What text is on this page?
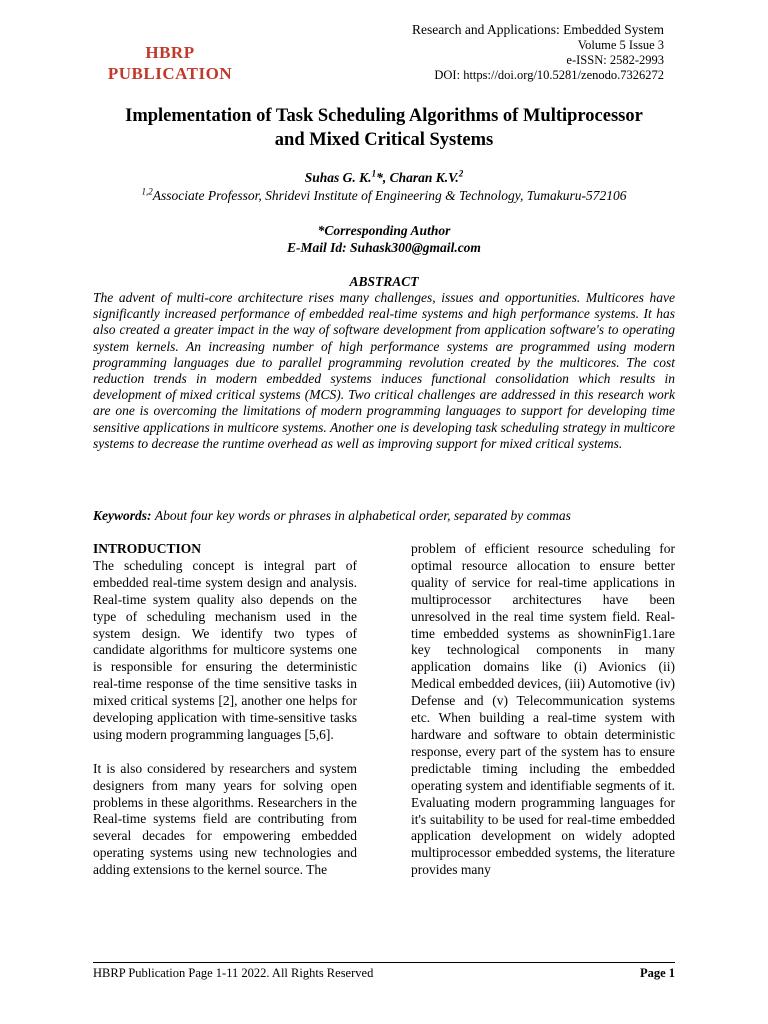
HBRP
PUBLICATION
Research and Applications: Embedded System
Volume 5 Issue 3
e-ISSN: 2582-2993
DOI: https://doi.org/10.5281/zenodo.7326272
Implementation of Task Scheduling Algorithms of Multiprocessor
and Mixed Critical Systems
Suhas G. K.$^1$*, Charan K.V.$^2$
$^{1,2}$Associate Professor, Shridevi Institute of Engineering & Technology, Tumakuru-572106
*Corresponding Author
E-Mail Id: Suhask300@gmail.com
ABSTRACT
The advent of multi-core architecture rises many challenges, issues and opportunities. Multicores have significantly increased performance of embedded real-time systems and high performance systems. It has also created a greater impact in the way of software development from application software's to operating system kernels. An increasing number of high performance systems are programmed using modern programming languages due to parallel programming revolution created by the multicores. The cost reduction trends in modern embedded systems induces functional consolidation which results in development of mixed critical systems (MCS). Two critical challenges are addressed in this research work are one is overcoming the limitations of modern programming languages to support for developing time sensitive applications in multicore systems. Another one is developing task scheduling strategy in multicore systems to decrease the runtime overhead as well as improving support for mixed critical systems.
Keywords: About four key words or phrases in alphabetical order, separated by commas
INTRODUCTION

The scheduling concept is integral part of embedded real-time system design and analysis. Real-time system quality also depends on the type of scheduling mechanism used in the system design. We identify two types of candidate algorithms for multicore systems one is responsible for ensuring the deterministic real-time response of the time sensitive tasks in mixed critical systems [2], another one helps for developing application with time-sensitive tasks using modern programming languages [5,6].

It is also considered by researchers and system designers from many years for solving open problems in these algorithms. Researchers in the Real-time systems field are contributing from several decades for empowering embedded operating systems using new technologies and adding extensions to the kernel source. The

problem of efficient resource scheduling for optimal resource allocation to ensure better quality of service for real-time applications in multiprocessor architectures have been unresolved in the real time system field. Real-time embedded systems as showninFig1.1are key technological components in many application domains like (i) Avionics (ii) Medical embedded devices, (iii) Automotive (iv) Defense and (v) Telecommunication systems etc. When building a real-time system with hardware and software to obtain deterministic response, every part of the system has to ensure predictable timing including the embedded operating system and identifiable segments of it. Evaluating modern programming languages for it's suitability to be used for real-time embedded application development on widely adopted multiprocessor embedded systems, the literature provides many

HBRP Publication Page 1-11 2022. All Rights Reserved	Page 1
